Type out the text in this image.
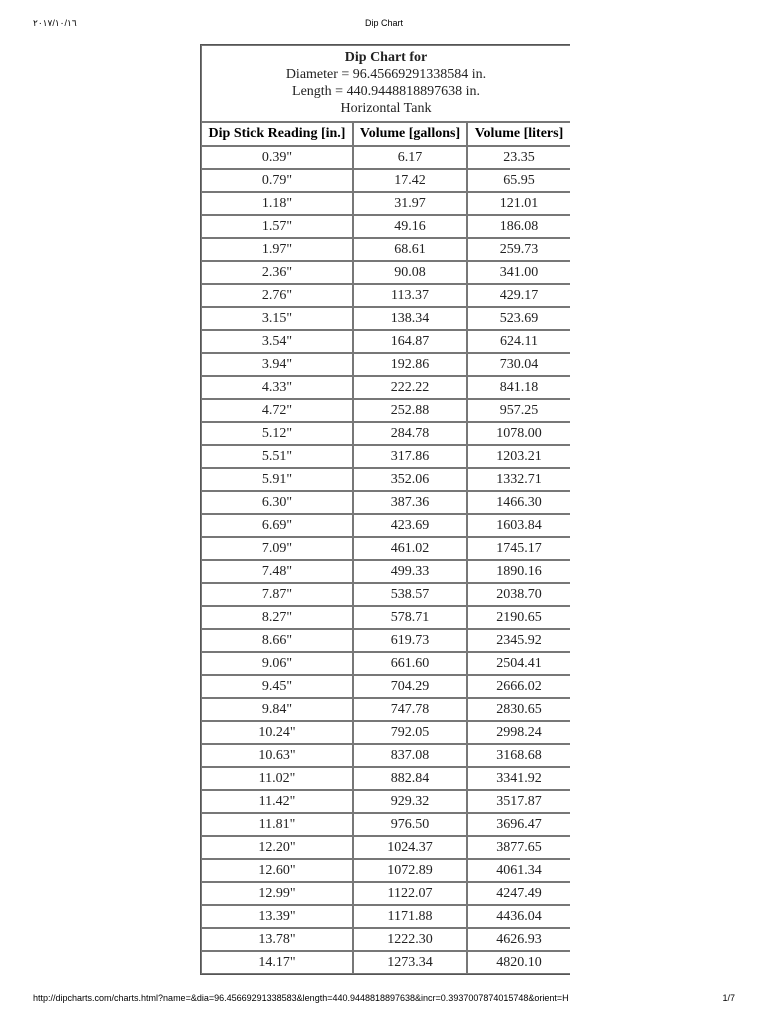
٢٠١٧/١٠/١٦	Dip Chart
Dip Chart for
Diameter = 96.45669291338584 in.
Length = 440.9448818897638 in.
Horizontal Tank		

Dip Stick Reading [in.]	Volume [gallons]	Volume [liters]
0.39"	6.17	23.35
0.79"	17.42	65.95
1.18"	31.97	121.01
1.57"	49.16	186.08
1.97"	68.61	259.73
2.36"	90.08	341.00
2.76"	113.37	429.17
3.15"	138.34	523.69
3.54"	164.87	624.11
3.94"	192.86	730.04
4.33"	222.22	841.18
4.72"	252.88	957.25
5.12"	284.78	1078.00
5.51"	317.86	1203.21
5.91"	352.06	1332.71
6.30"	387.36	1466.30
6.69"	423.69	1603.84
7.09"	461.02	1745.17
7.48"	499.33	1890.16
7.87"	538.57	2038.70
8.27"	578.71	2190.65
8.66"	619.73	2345.92
9.06"	661.60	2504.41
9.45"	704.29	2666.02
9.84"	747.78	2830.65
10.24"	792.05	2998.24
10.63"	837.08	3168.68
11.02"	882.84	3341.92
11.42"	929.32	3517.87
11.81"	976.50	3696.47
12.20"	1024.37	3877.65
12.60"	1072.89	4061.34
12.99"	1122.07	4247.49
13.39"	1171.88	4436.04
13.78"	1222.30	4626.93
14.17"	1273.34	4820.10
http://dipcharts.com/charts.html?name=&dia=96.45669291338583&length=440.9448818897638&incr=0.3937007874015748&orient=H	1/7
